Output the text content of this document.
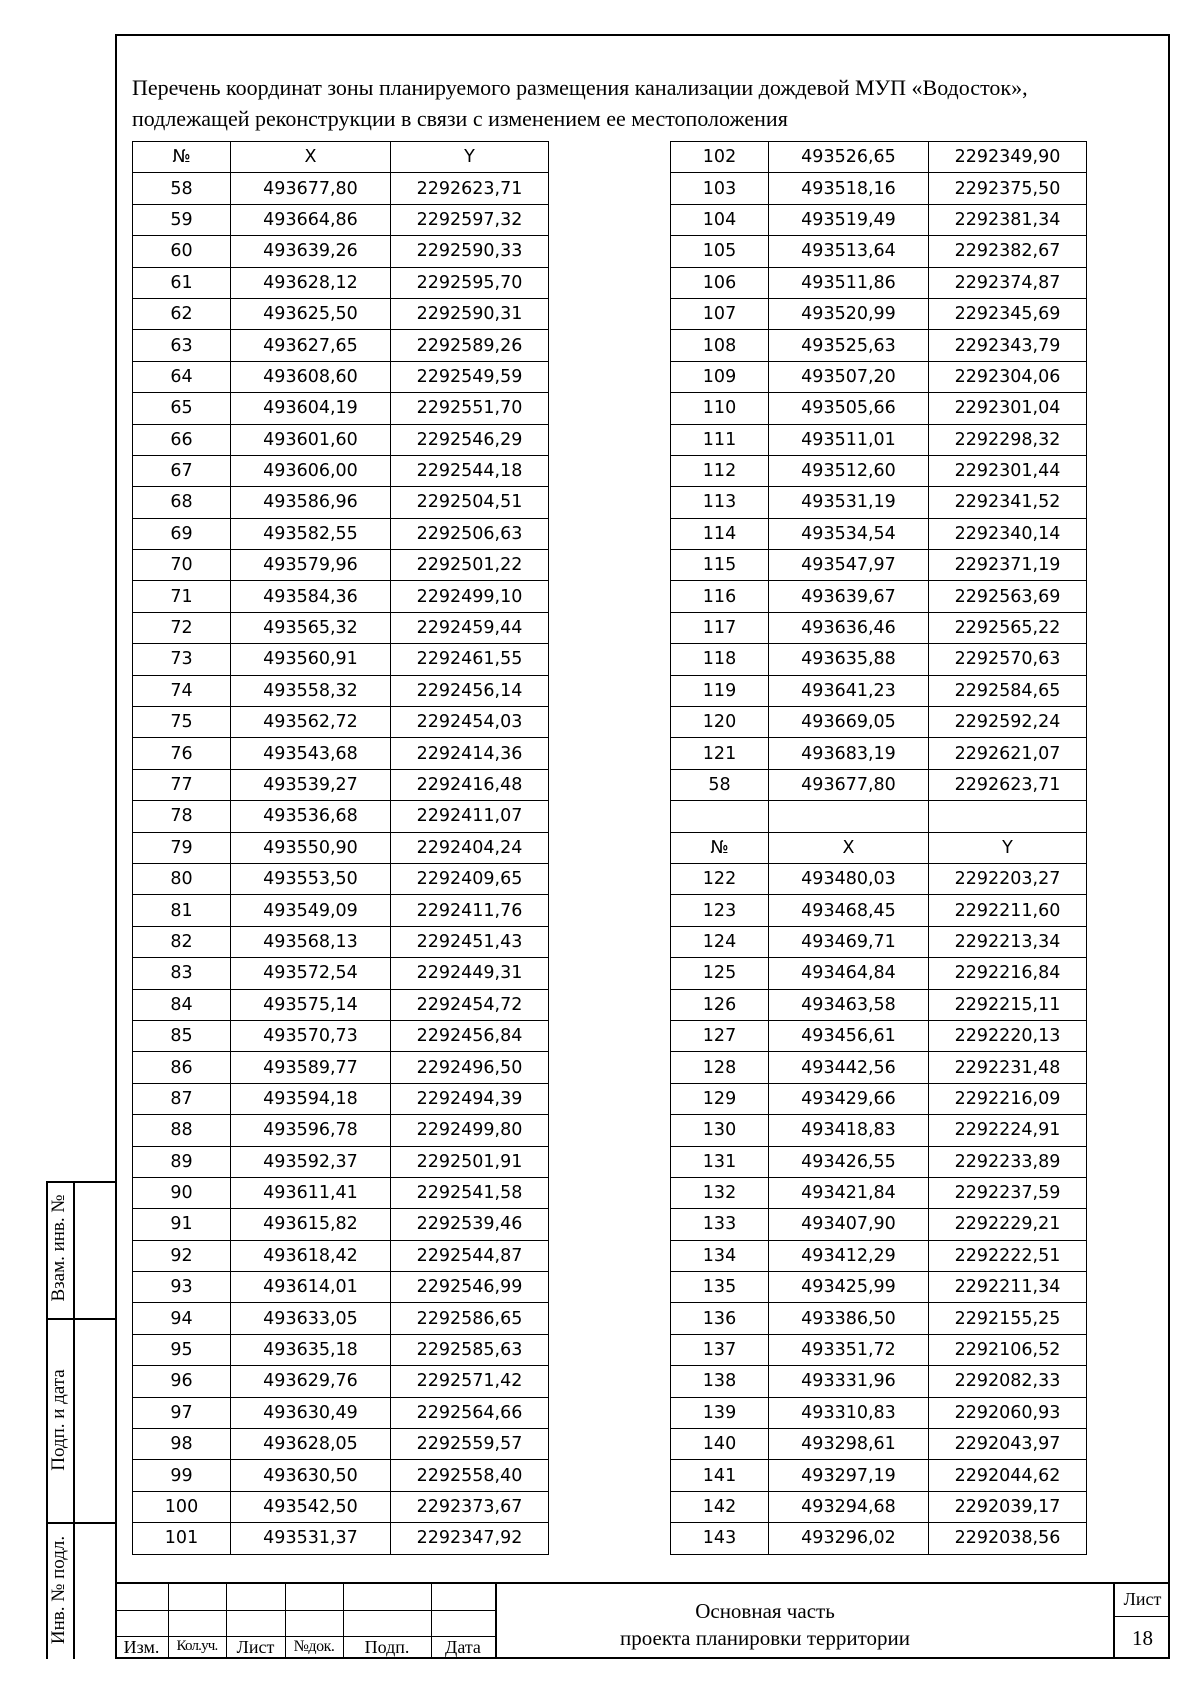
Перечень координат зоны планируемого размещения канализации дождевой МУП «Водосток»,
подлежащей реконструкции в связи с изменением ее местоположения
№	X	Y
58	493677,80	2292623,71
59	493664,86	2292597,32
60	493639,26	2292590,33
61	493628,12	2292595,70
62	493625,50	2292590,31
63	493627,65	2292589,26
64	493608,60	2292549,59
65	493604,19	2292551,70
66	493601,60	2292546,29
67	493606,00	2292544,18
68	493586,96	2292504,51
69	493582,55	2292506,63
70	493579,96	2292501,22
71	493584,36	2292499,10
72	493565,32	2292459,44
73	493560,91	2292461,55
74	493558,32	2292456,14
75	493562,72	2292454,03
76	493543,68	2292414,36
77	493539,27	2292416,48
78	493536,68	2292411,07
79	493550,90	2292404,24
80	493553,50	2292409,65
81	493549,09	2292411,76
82	493568,13	2292451,43
83	493572,54	2292449,31
84	493575,14	2292454,72
85	493570,73	2292456,84
86	493589,77	2292496,50
87	493594,18	2292494,39
88	493596,78	2292499,80
89	493592,37	2292501,91
90	493611,41	2292541,58
91	493615,82	2292539,46
92	493618,42	2292544,87
93	493614,01	2292546,99
94	493633,05	2292586,65
95	493635,18	2292585,63
96	493629,76	2292571,42
97	493630,49	2292564,66
98	493628,05	2292559,57
99	493630,50	2292558,40
100	493542,50	2292373,67
101	493531,37	2292347,92
102	493526,65	2292349,90
103	493518,16	2292375,50
104	493519,49	2292381,34
105	493513,64	2292382,67
106	493511,86	2292374,87
107	493520,99	2292345,69
108	493525,63	2292343,79
109	493507,20	2292304,06
110	493505,66	2292301,04
111	493511,01	2292298,32
112	493512,60	2292301,44
113	493531,19	2292341,52
114	493534,54	2292340,14
115	493547,97	2292371,19
116	493639,67	2292563,69
117	493636,46	2292565,22
118	493635,88	2292570,63
119	493641,23	2292584,65
120	493669,05	2292592,24
121	493683,19	2292621,07
58	493677,80	2292623,71

№	X	Y
122	493480,03	2292203,27
123	493468,45	2292211,60
124	493469,71	2292213,34
125	493464,84	2292216,84
126	493463,58	2292215,11
127	493456,61	2292220,13
128	493442,56	2292231,48
129	493429,66	2292216,09
130	493418,83	2292224,91
131	493426,55	2292233,89
132	493421,84	2292237,59
133	493407,90	2292229,21
134	493412,29	2292222,51
135	493425,99	2292211,34
136	493386,50	2292155,25
137	493351,72	2292106,52
138	493331,96	2292082,33
139	493310,83	2292060,93
140	493298,61	2292043,97
141	493297,19	2292044,62
142	493294,68	2292039,17
143	493296,02	2292038,56
Взам. инв. №
Подп. и дата
Инв. № подл.
Изм.	Кол.уч.	Лист	№док.	Подп.	Дата
Основная часть
проекта планировки территории
Лист
18
